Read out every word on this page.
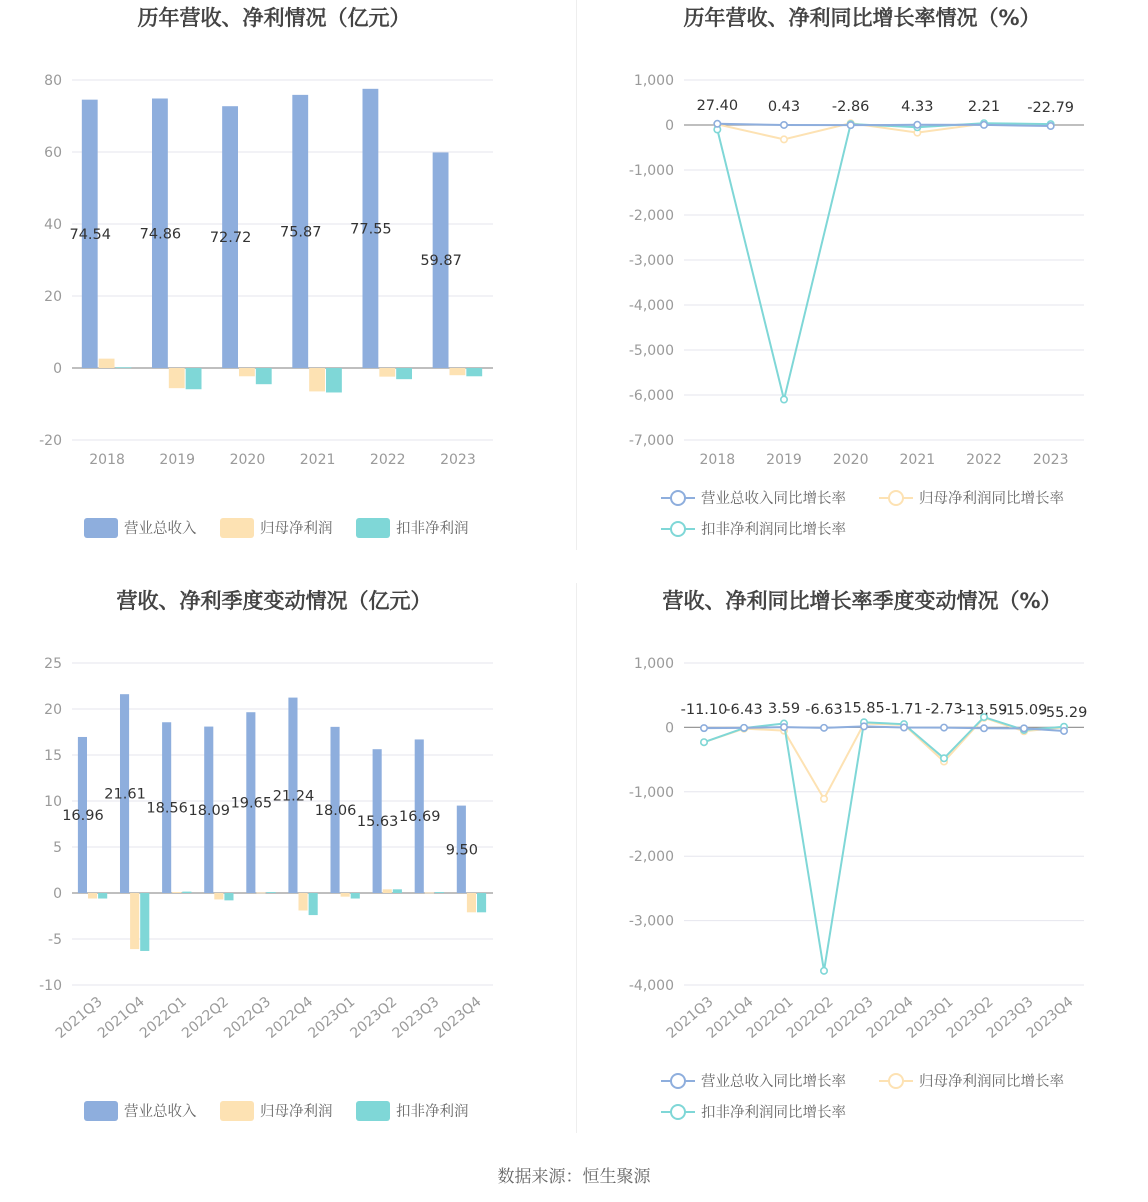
历年营收、净利情况（亿元）
-20
0
20
40
60
80
2018 2019 2020 2021 2022 2023
74.54 74.86 72.72 75.87 77.55
59.87
营业总收入	归母净利润	扣非净利润
历年营收、净利同比增长率情况（%）
-7,000
-6,000
-5,000
-4,000
-3,000
-2,000
-1,000
0
1,000
2018 2019 2020 2021 2022 2023
27.40 0.43 -2.86 4.33 2.21 -22.79
营业总收入同比增长率	归母净利润同比增长率
扣非净利润同比增长率
营收、净利季度变动情况（亿元）
-10
-5
0
5
10
15
20
25
2021Q3
2021Q4
2022Q1
2022Q2
2022Q3
2022Q4
2023Q1
2023Q2
2023Q3
2023Q4
16.96
21.61
18.56 18.09 19.65 21.24
18.06
15.63 16.69
9.50
营业总收入	归母净利润	扣非净利润
营收、净利同比增长率季度变动情况（%）
-4,000
-3,000
-2,000
-1,000
0
1,000
2021Q3
2021Q4
2022Q1
2022Q2
2022Q3
2022Q4
2023Q1
2023Q2
2023Q3
2023Q4
-11.10
-6.43 3.59 -6.63 15.85 -1.71 -2.73
-13.59
-15.09
-55.29
营业总收入同比增长率	归母净利润同比增长率
扣非净利润同比增长率
数据来源：恒生聚源
